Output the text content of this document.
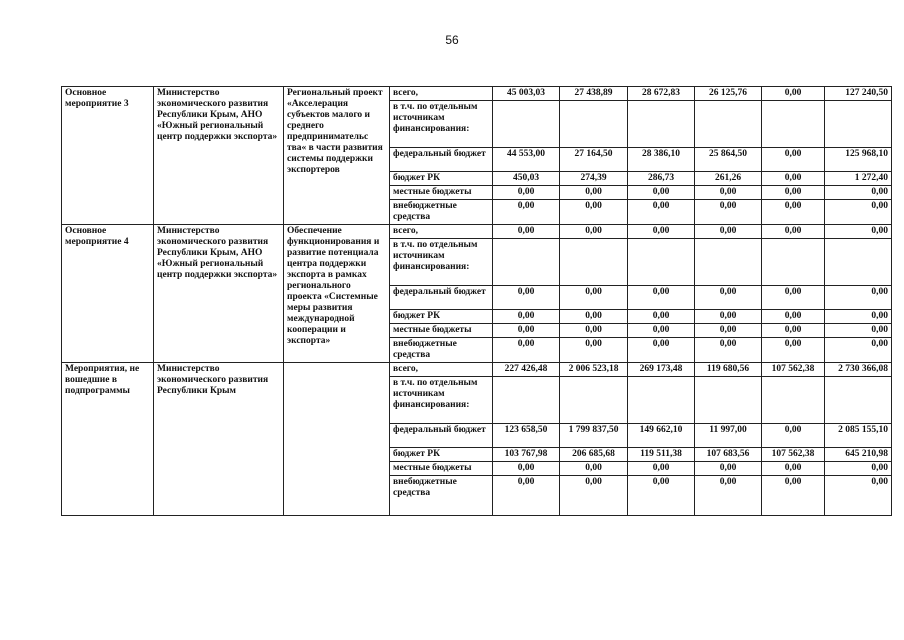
56
Основное мероприятие 3	Министерство экономического развития Республики Крым, АНО «Южный региональный центр поддержки экспорта»	Региональный проект «Акселерация субъектов малого и среднего предпринимательс тва« в части развития системы поддержки экспортеров	всего,	45 003,03	27 438,89	28 672,83	26 125,76	0,00	127 240,50
			в т.ч. по отдельным источникам финансирования:						
			федеральный бюджет	44 553,00	27 164,50	28 386,10	25 864,50	0,00	125 968,10
			бюджет РК	450,03	274,39	286,73	261,26	0,00	1 272,40
			местные бюджеты	0,00	0,00	0,00	0,00	0,00	0,00
			внебюджетные средства	0,00	0,00	0,00	0,00	0,00	0,00
Основное мероприятие 4	Министерство экономического развития Республики Крым, АНО «Южный региональный центр поддержки экспорта»	Обеспечение функционирования и развитие потенциала центра поддержки экспорта в рамках регионального проекта «Системные меры развития международной кооперации и экспорта»	всего,	0,00	0,00	0,00	0,00	0,00	0,00
			в т.ч. по отдельным источникам финансирования:						
			федеральный бюджет	0,00	0,00	0,00	0,00	0,00	0,00
			бюджет РК	0,00	0,00	0,00	0,00	0,00	0,00
			местные бюджеты	0,00	0,00	0,00	0,00	0,00	0,00
			внебюджетные средства	0,00	0,00	0,00	0,00	0,00	0,00
Мероприятия, не вошедшие в подпрограммы	Министерство экономического развития Республики Крым		всего,	227 426,48	2 006 523,18	269 173,48	119 680,56	107 562,38	2 730 366,08
			в т.ч. по отдельным источникам финансирования:						
			федеральный бюджет	123 658,50	1 799 837,50	149 662,10	11 997,00	0,00	2 085 155,10
			бюджет РК	103 767,98	206 685,68	119 511,38	107 683,56	107 562,38	645 210,98
			местные бюджеты	0,00	0,00	0,00	0,00	0,00	0,00
			внебюджетные средства	0,00	0,00	0,00	0,00	0,00	0,00
